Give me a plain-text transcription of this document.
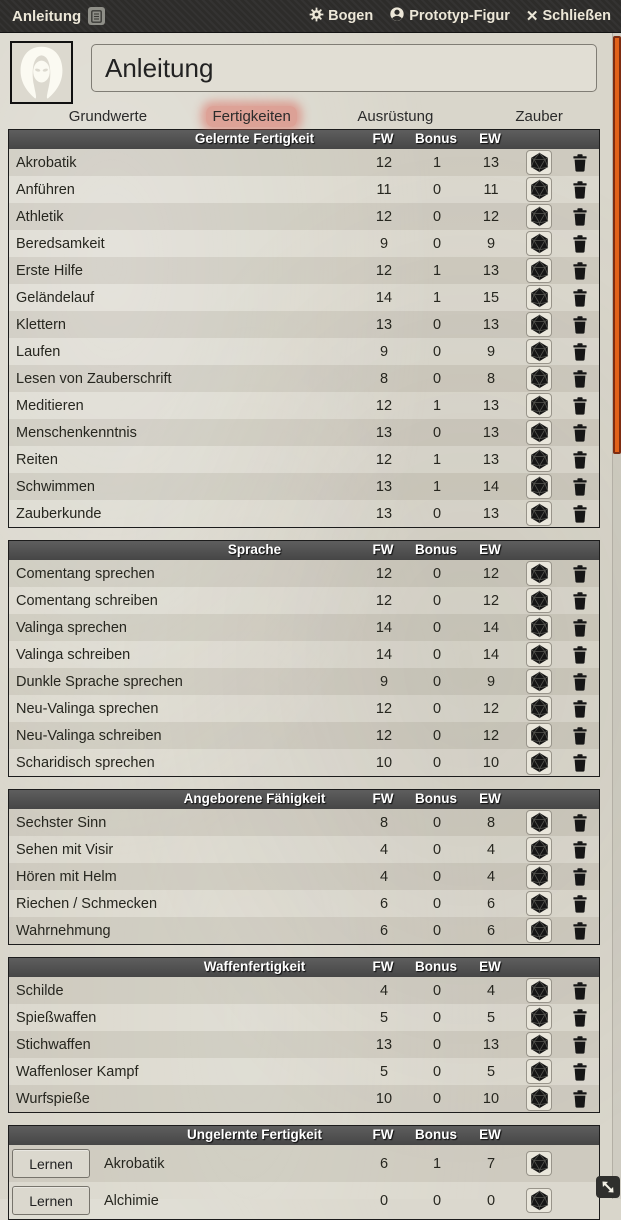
Anleitung	Bogen Prototyp-Figur ✕ Schließen
Anleitung
Grundwerte	Fertigkeiten	Ausrüstung	Zauber
Gelernte Fertigkeit	FW	Bonus	EW
Akrobatik	12	1	13
Anführen	11	0	11
Athletik	12	0	12
Beredsamkeit	9	0	9
Erste Hilfe	12	1	13
Geländelauf	14	1	15
Klettern	13	0	13
Laufen	9	0	9
Lesen von Zauberschrift	8	0	8
Meditieren	12	1	13
Menschenkenntnis	13	0	13
Reiten	12	1	13
Schwimmen	13	1	14
Zauberkunde	13	0	13
Sprache	FW	Bonus	EW
Comentang sprechen	12	0	12
Comentang schreiben	12	0	12
Valinga sprechen	14	0	14
Valinga schreiben	14	0	14
Dunkle Sprache sprechen	9	0	9
Neu-Valinga sprechen	12	0	12
Neu-Valinga schreiben	12	0	12
Scharidisch sprechen	10	0	10
Angeborene Fähigkeit	FW	Bonus	EW
Sechster Sinn	8	0	8
Sehen mit Visir	4	0	4
Hören mit Helm	4	0	4
Riechen / Schmecken	6	0	6
Wahrnehmung	6	0	6
Waffenfertigkeit	FW	Bonus	EW
Schilde	4	0	4
Spießwaffen	5	0	5
Stichwaffen	13	0	13
Waffenloser Kampf	5	0	5
Wurfspieße	10	0	10
Ungelernte Fertigkeit	FW	Bonus	EW
Lernen	Akrobatik	6	1	7
Lernen	Alchimie	0	0	0
